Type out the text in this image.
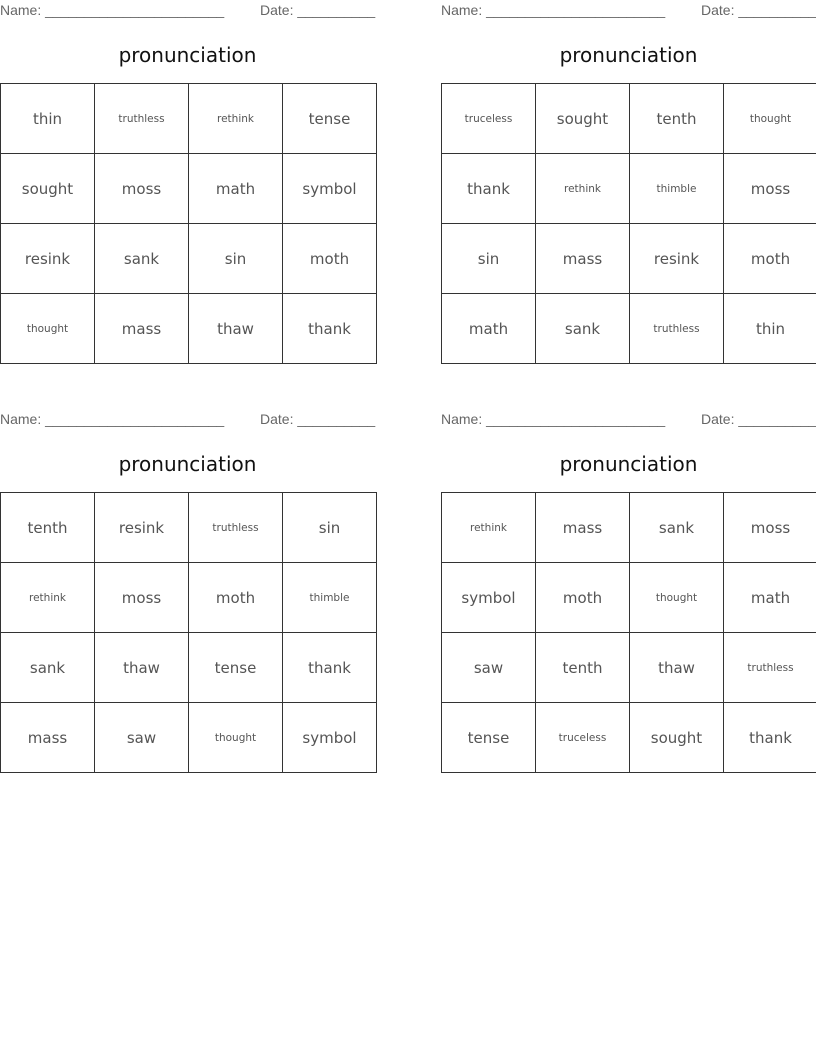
Name: _______________________	Date: __________
pronunciation
thin	truthless	rethink	tense
sought	moss	math	symbol
resink	sank	sin	moth
thought	mass	thaw	thank
Name: _______________________	Date: __________
pronunciation
truceless	sought	tenth	thought
thank	rethink	thimble	moss
sin	mass	resink	moth
math	sank	truthless	thin
Name: _______________________	Date: __________
pronunciation
tenth	resink	truthless	sin
rethink	moss	moth	thimble
sank	thaw	tense	thank
mass	saw	thought	symbol
Name: _______________________	Date: __________
pronunciation
rethink	mass	sank	moss
symbol	moth	thought	math
saw	tenth	thaw	truthless
tense	truceless	sought	thank
